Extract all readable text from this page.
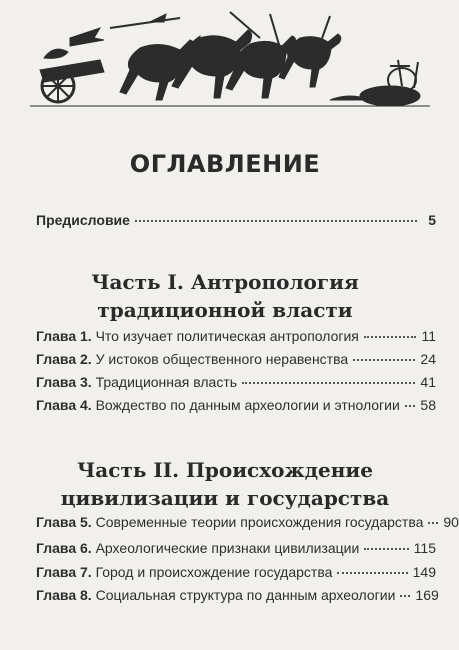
ОГЛАВЛЕНИЕ
Предисловие	5
Часть I. Антропология
традиционной власти
Глава 1. Что изучает политическая антропология	11
Глава 2. У истоков общественного неравенства	24
Глава 3. Традиционная власть	41
Глава 4. Вождество по данным археологии и этнологии 58
Часть II. Происхождение
цивилизации и государства
Глава 5. Современные теории происхождения государства 90
Глава 6. Археологические признаки цивилизации	115
Глава 7. Город и происхождение государства	149
Глава 8. Социальная структура по данным археологии 169
